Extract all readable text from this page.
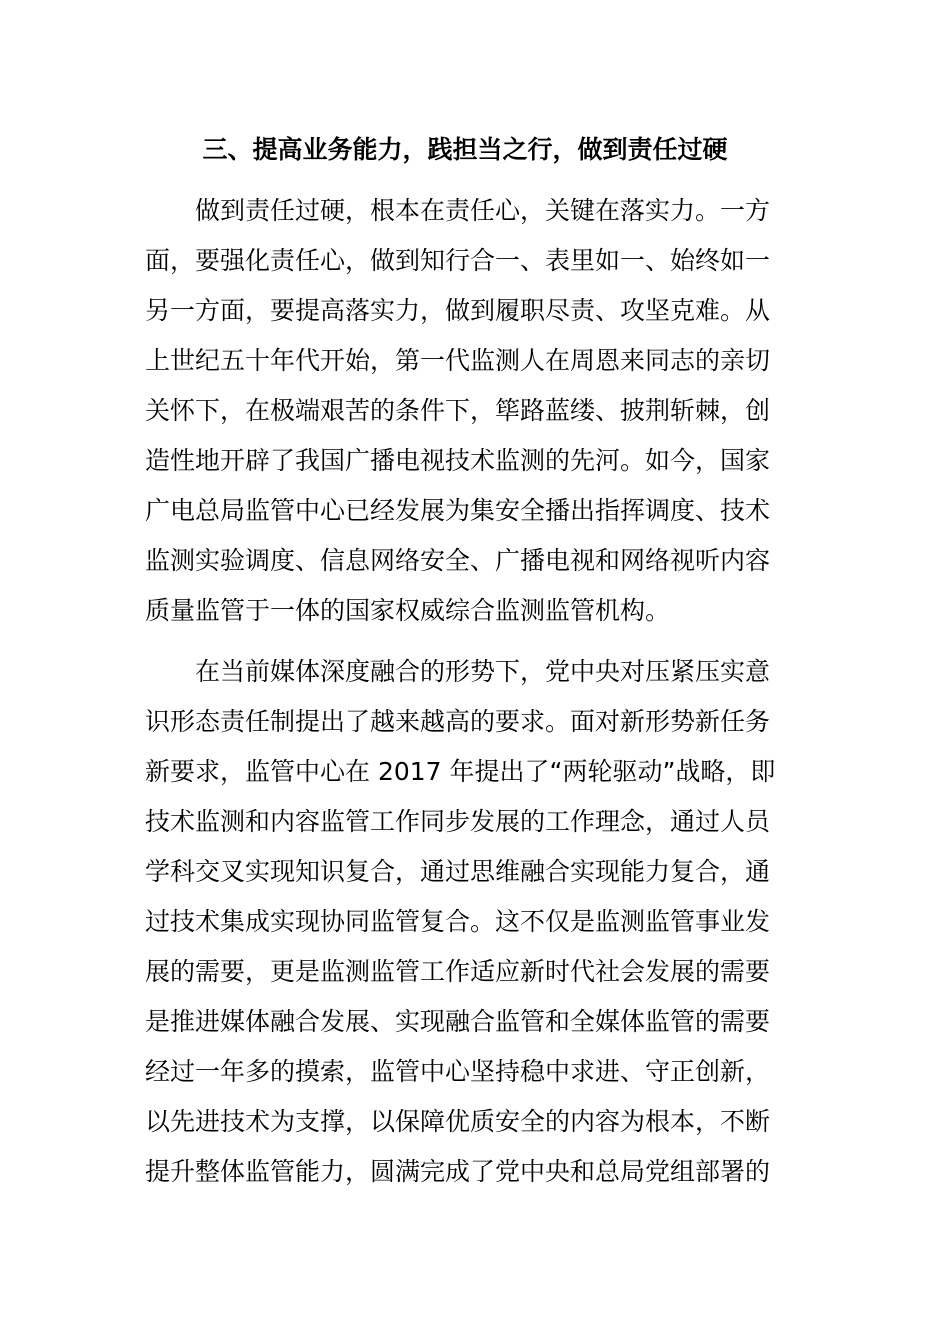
三、提高业务能力，践担当之行，做到责任过硬
做到责任过硬，根本在责任心，关键在落实力。一方
面，要强化责任心，做到知行合一、表里如一、始终如一
另一方面，要提高落实力，做到履职尽责、攻坚克难。从
上世纪五十年代开始，第一代监测人在周恩来同志的亲切
关怀下，在极端艰苦的条件下，筚路蓝缕、披荆斩棘，创
造性地开辟了我国广播电视技术监测的先河。如今，国家
广电总局监管中心已经发展为集安全播出指挥调度、技术
监测实验调度、信息网络安全、广播电视和网络视听内容
质量监管于一体的国家权威综合监测监管机构。
在当前媒体深度融合的形势下，党中央对压紧压实意
识形态责任制提出了越来越高的要求。面对新形势新任务
新要求，监管中心在 2017 年提出了“两轮驱动”战略，即
技术监测和内容监管工作同步发展的工作理念，通过人员
学科交叉实现知识复合，通过思维融合实现能力复合，通
过技术集成实现协同监管复合。这不仅是监测监管事业发
展的需要，更是监测监管工作适应新时代社会发展的需要
是推进媒体融合发展、实现融合监管和全媒体监管的需要
经过一年多的摸索，监管中心坚持稳中求进、守正创新，
以先进技术为支撑，以保障优质安全的内容为根本，不断
提升整体监管能力，圆满完成了党中央和总局党组部署的
